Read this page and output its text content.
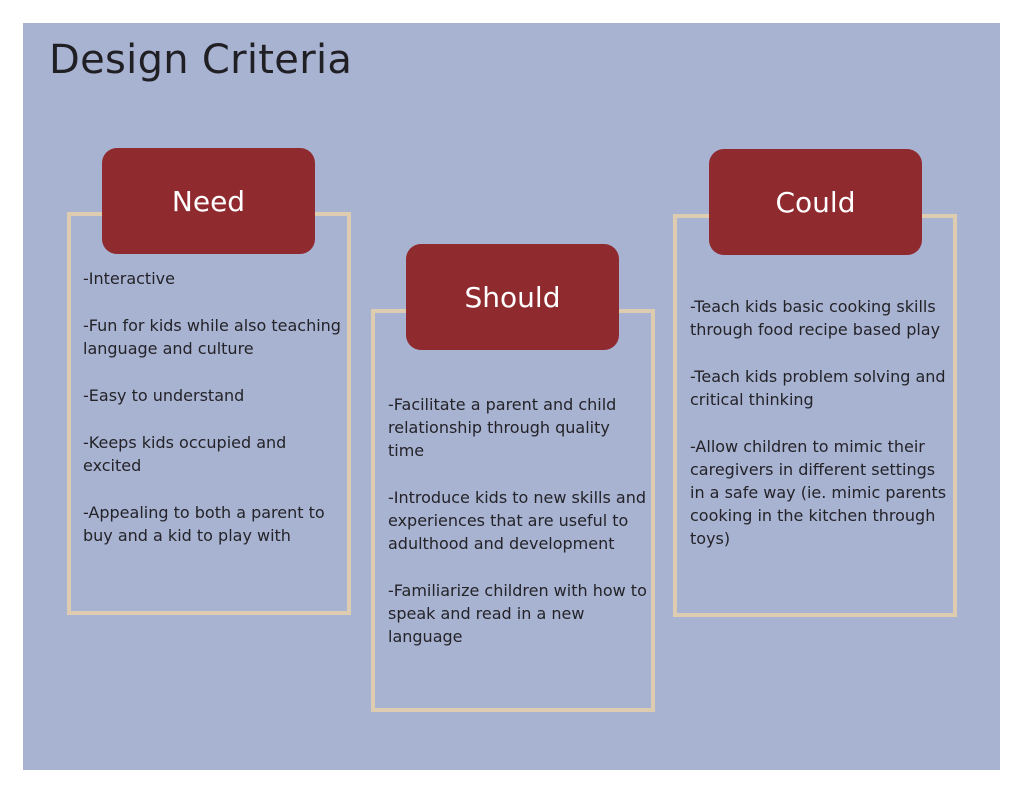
Design Criteria
Need
-Interactive
-Fun for kids while also teaching language and culture
-Easy to understand
-Keeps kids occupied and excited
-Appealing to both a parent to buy and a kid to play with
Should
-Facilitate a parent and child relationship through quality time
-Introduce kids to new skills and experiences that are useful to adulthood and development
-Familiarize children with how to speak and read in a new language
Could
-Teach kids basic cooking skills through food recipe based play
-Teach kids problem solving and critical thinking
-Allow children to mimic their caregivers in different settings in a safe way (ie. mimic parents cooking in the kitchen through toys)
